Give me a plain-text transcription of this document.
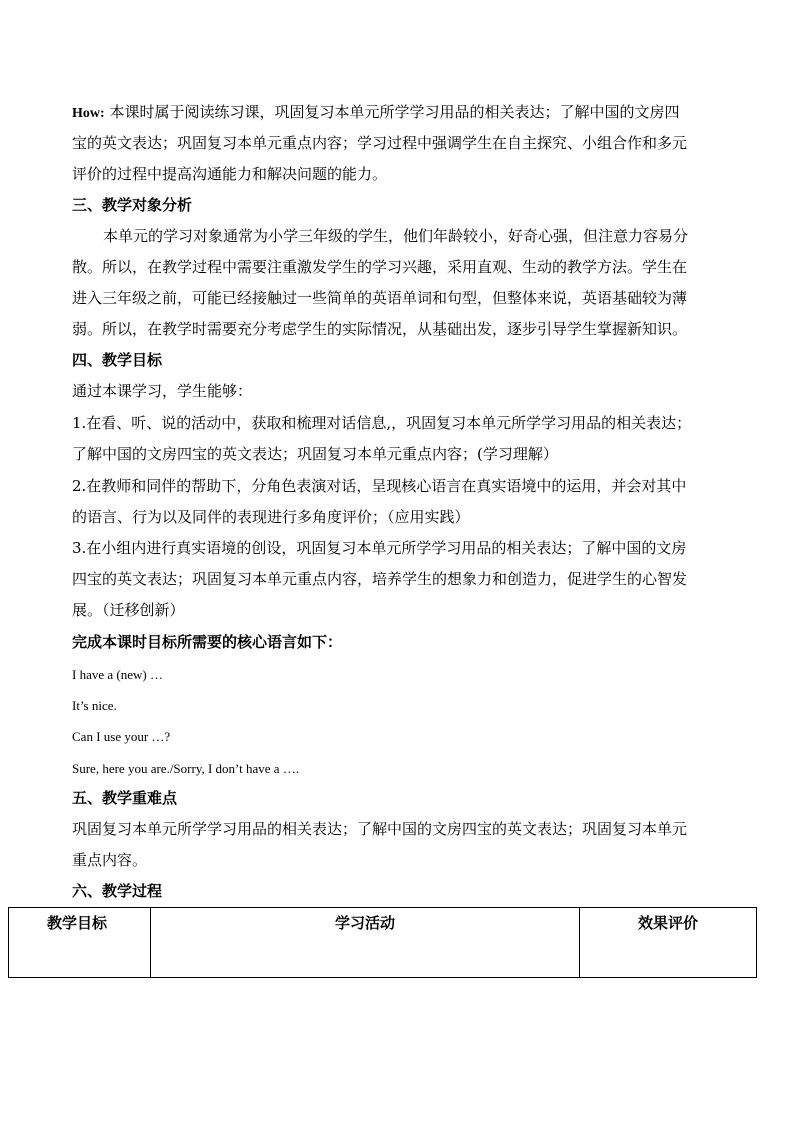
How: 本课时属于阅读练习课，巩固复习本单元所学学习用品的相关表达；了解中国的文房四
宝的英文表达；巩固复习本单元重点内容；学习过程中强调学生在自主探究、小组合作和多元
评价的过程中提高沟通能力和解决问题的能力。
三、教学对象分析
本单元的学习对象通常为小学三年级的学生，他们年龄较小，好奇心强，但注意力容易分
散。所以，在教学过程中需要注重激发学生的学习兴趣，采用直观、生动的教学方法。学生在
进入三年级之前，可能已经接触过一些简单的英语单词和句型，但整体来说，英语基础较为薄
弱。所以，在教学时需要充分考虑学生的实际情况，从基础出发，逐步引导学生掌握新知识。
四、教学目标
通过本课学习，学生能够：
1.在看、听、说的活动中，获取和梳理对话信息,，巩固复习本单元所学学习用品的相关表达；
了解中国的文房四宝的英文表达；巩固复习本单元重点内容；(学习理解）
2.在教师和同伴的帮助下，分角色表演对话，呈现核心语言在真实语境中的运用，并会对其中
的语言、行为以及同伴的表现进行多角度评价；（应用实践）
3.在小组内进行真实语境的创设，巩固复习本单元所学学习用品的相关表达；了解中国的文房
四宝的英文表达；巩固复习本单元重点内容，培养学生的想象力和创造力，促进学生的心智发
展。（迁移创新）
完成本课时目标所需要的核心语言如下：
I have a (new) …
It’s nice.
Can I use your …?
Sure, here you are./Sorry, I don’t have a ….
五、教学重难点
巩固复习本单元所学学习用品的相关表达；了解中国的文房四宝的英文表达；巩固复习本单元
重点内容。
六、教学过程
教学目标	学习活动	效果评价
